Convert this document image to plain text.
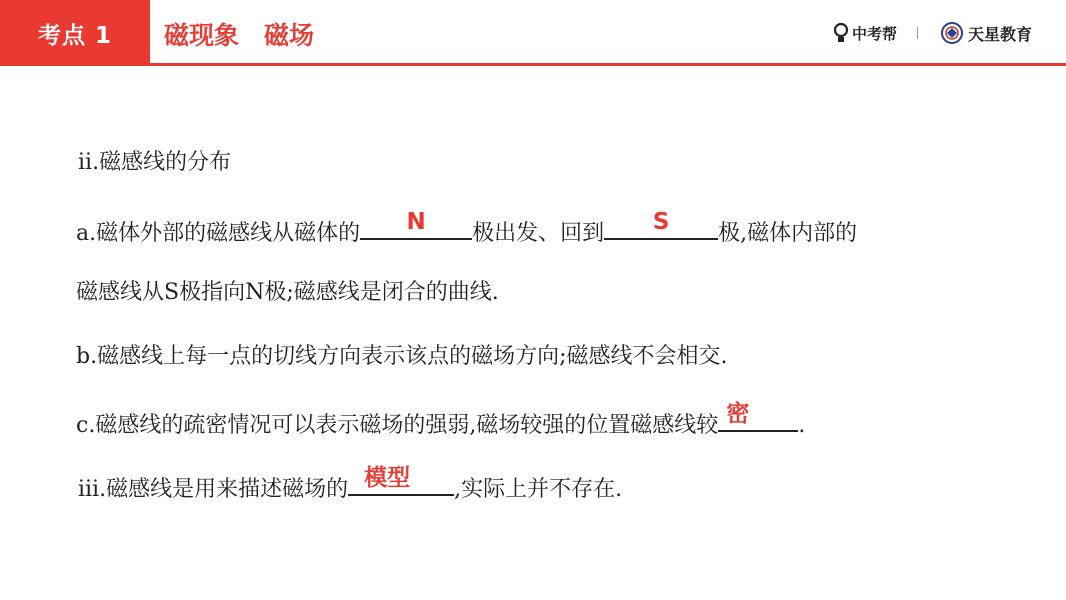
考点 1	磁现象　磁场	中考帮	天星教育
ⅱ.磁感线的分布
a.磁体外部的磁感线从磁体的	N	极出发、回到	S	极,磁体内部的
磁感线从S极指向N极;磁感线是闭合的曲线.
b.磁感线上每一点的切线方向表示该点的磁场方向;磁感线不会相交.
c.磁感线的疏密情况可以表示磁场的强弱,磁场较强的位置磁感线较 密	.
ⅲ.磁感线是用来描述磁场的 模型	,实际上并不存在.
